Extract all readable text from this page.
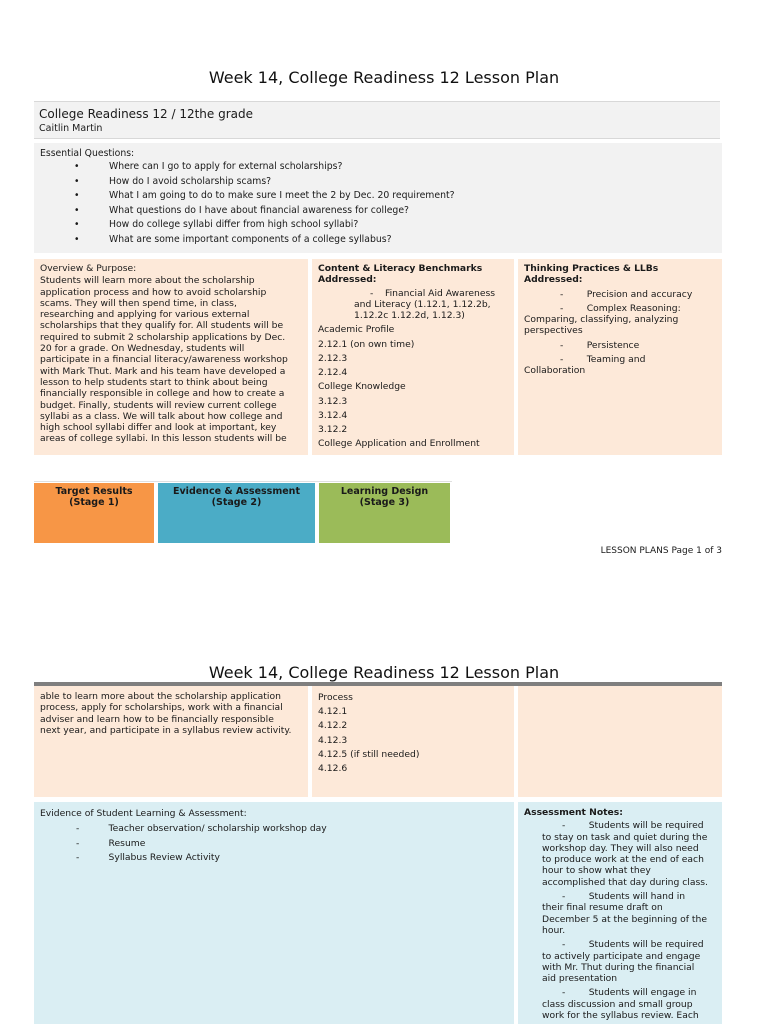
Week 14, College Readiness 12 Lesson Plan
College Readiness 12 / 12the grade
Caitlin Martin
Essential Questions:
• Where can I go to apply for external scholarships?
• How do I avoid scholarship scams?
• What I am going to do to make sure I meet the 2 by Dec. 20 requirement?
• What questions do I have about financial awareness for college?
• How do college syllabi differ from high school syllabi?
• What are some important components of a college syllabus?
Overview & Purpose:
Students will learn more about the scholarship
application process and how to avoid scholarship
scams. They will then spend time, in class,
researching and applying for various external
scholarships that they qualify for. All students will be
required to submit 2 scholarship applications by Dec.
20 for a grade. On Wednesday, students will
participate in a financial literacy/awareness workshop
with Mark Thut. Mark and his team have developed a
lesson to help students start to think about being
financially responsible in college and how to create a
budget. Finally, students will review current college
syllabi as a class. We will talk about how college and
high school syllabi differ and look at important, key
areas of college syllabi. In this lesson students will be
Content & Literacy Benchmarks
Addressed:
- Financial Aid Awareness
and Literacy (1.12.1, 1.12.2b,
1.12.2c 1.12.2d, 1.12.3)
Academic Profile
2.12.1 (on own time)
2.12.3
2.12.4
College Knowledge
3.12.3
3.12.4
3.12.2
College Application and Enrollment
Thinking Practices & LLBs
Addressed:
-	Precision and accuracy
-	Complex Reasoning:
Comparing, classifying, analyzing
perspectives
-	Persistence
-	Teaming and
Collaboration
Target Results
(Stage 1)
Evidence & Assessment
(Stage 2)
Learning Design
(Stage 3)
LESSON PLANS Page 1 of 3
Week 14, College Readiness 12 Lesson Plan
able to learn more about the scholarship application
process, apply for scholarships, work with a financial
adviser and learn how to be financially responsible
next year, and participate in a syllabus review activity.
Process
4.12.1
4.12.2
4.12.3
4.12.5 (if still needed)
4.12.6
Evidence of Student Learning & Assessment:
-	Teacher observation/ scholarship workshop day
-	Resume
-	Syllabus Review Activity
Assessment Notes:
-	Students will be required
to stay on task and quiet during the
workshop day. They will also need
to produce work at the end of each
hour to show what they
accomplished that day during class.
-	Students will hand in
their final resume draft on
December 5 at the beginning of the
hour.
-	Students will be required
to actively participate and engage
with Mr. Thut during the financial
aid presentation
-	Students will engage in
class discussion and small group
work for the syllabus review. Each
